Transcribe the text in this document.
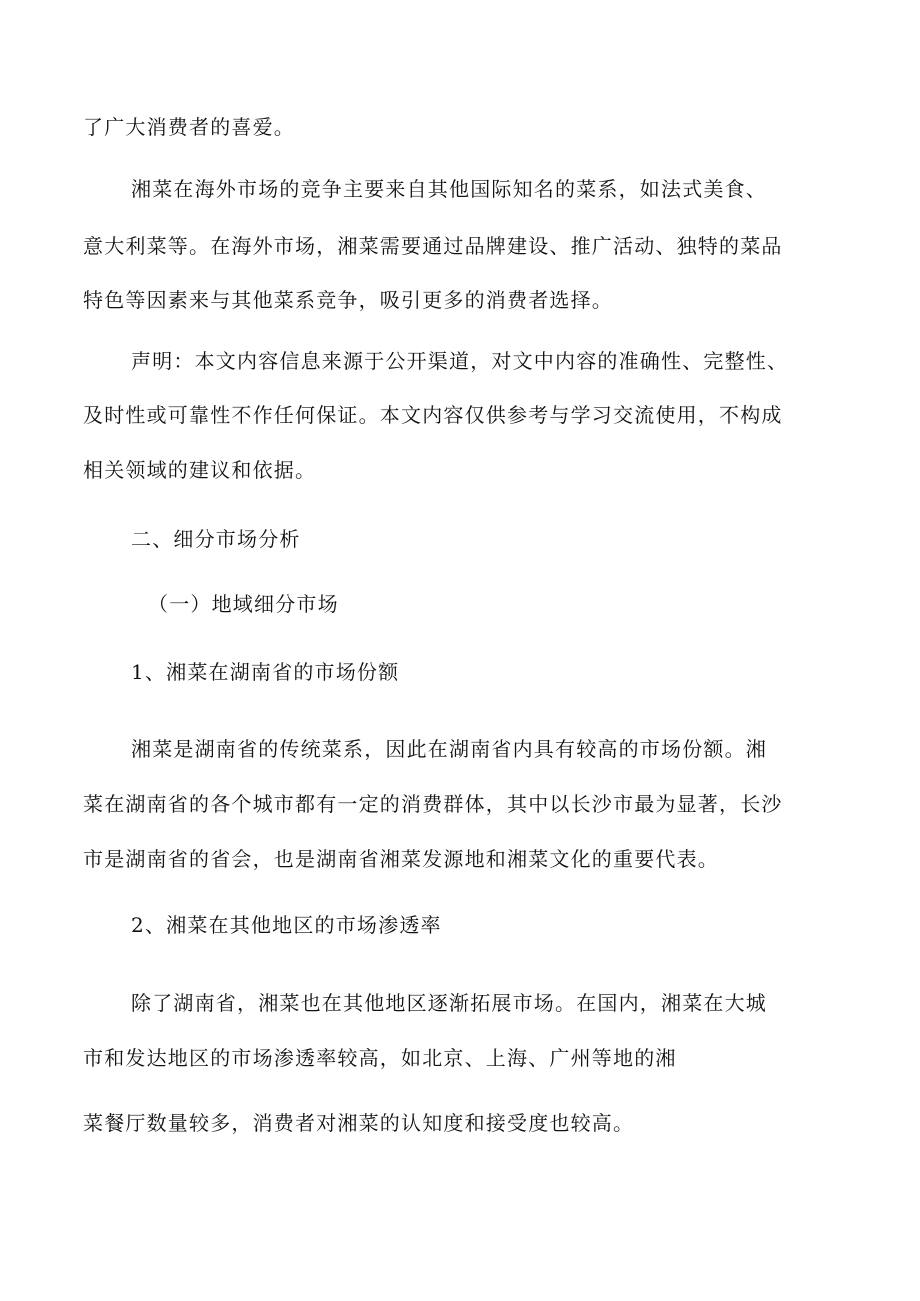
了广大消费者的喜爱。
湘菜在海外市场的竞争主要来自其他国际知名的菜系，如法式美食、
意大利菜等。在海外市场，湘菜需要通过品牌建设、推广活动、独特的菜品
特色等因素来与其他菜系竞争，吸引更多的消费者选择。
声明：本文内容信息来源于公开渠道，对文中内容的准确性、完整性、
及时性或可靠性不作任何保证。本文内容仅供参考与学习交流使用，不构成
相关领域的建议和依据。
二、细分市场分析
（一）地域细分市场
1、湘菜在湖南省的市场份额
湘菜是湖南省的传统菜系，因此在湖南省内具有较高的市场份额。湘
菜在湖南省的各个城市都有一定的消费群体，其中以长沙市最为显著，长沙
市是湖南省的省会，也是湖南省湘菜发源地和湘菜文化的重要代表。
2、湘菜在其他地区的市场渗透率
除了湖南省，湘菜也在其他地区逐渐拓展市场。在国内，湘菜在大城
市和发达地区的市场渗透率较高，如北京、上海、广州等地的湘
菜餐厅数量较多，消费者对湘菜的认知度和接受度也较高。
